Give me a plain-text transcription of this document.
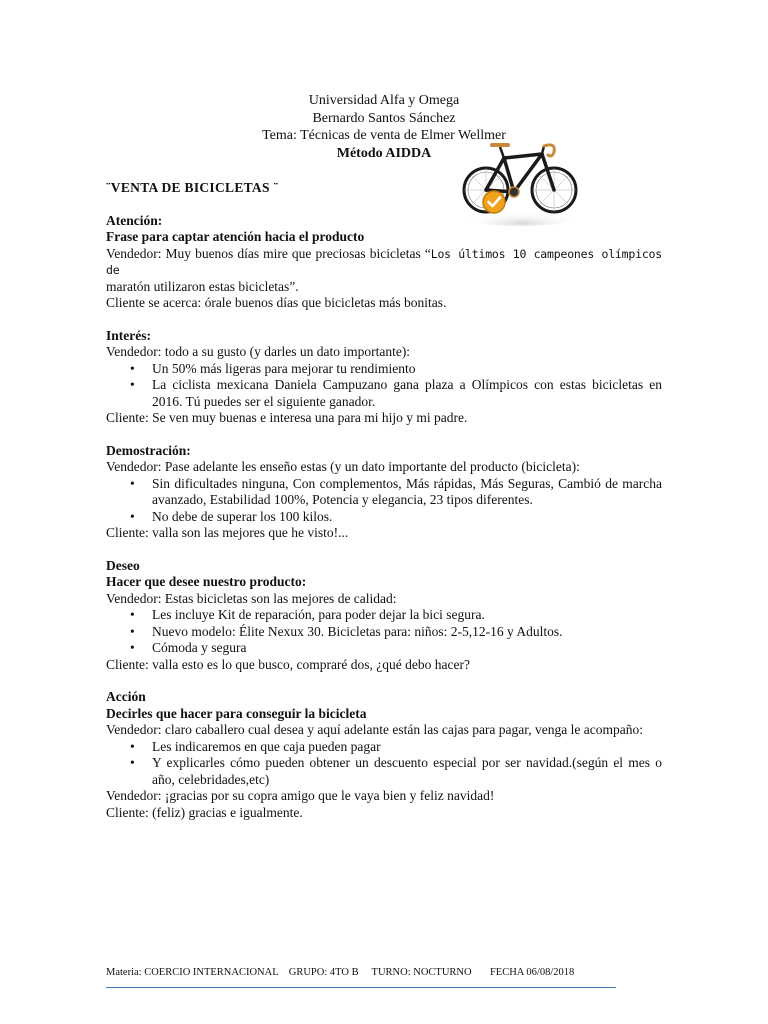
Universidad Alfa y Omega
Bernardo Santos Sánchez
Tema: Técnicas de venta de Elmer Wellmer
Método AIDDA
¨VENTA DE BICICLETAS ¨
Atención:
Frase para captar atención hacia el producto
Vendedor: Muy buenos días mire que preciosas bicicletas “Los últimos 10 campeones olímpicos de
maratón utilizaron estas bicicletas”.
Cliente se acerca: órale buenos días que bicicletas más bonitas.
Interés:
Vendedor: todo a su gusto (y darles un dato importante):
• Un 50% más ligeras para mejorar tu rendimiento
• La ciclista mexicana Daniela Campuzano gana plaza a Olímpicos con estas bicicletas en 2016. Tú puedes ser el siguiente ganador.
Cliente: Se ven muy buenas e interesa una para mi hijo y mi padre.
Demostración:
Vendedor: Pase adelante les enseño estas (y un dato importante del producto (bicicleta):
• Sin dificultades ninguna, Con complementos, Más rápidas, Más Seguras, Cambió de marcha avanzado, Estabilidad 100%, Potencia y elegancia, 23 tipos diferentes.
• No debe de superar los 100 kilos.
Cliente: valla son las mejores que he visto!...
Deseo
Hacer que desee nuestro producto:
Vendedor: Estas bicicletas son las mejores de calidad:
• Les incluye Kit de reparación, para poder dejar la bici segura.
• Nuevo modelo: Élite Nexux 30. Bicicletas para: niños: 2-5,12-16 y Adultos.
• Cómoda y segura
Cliente: valla esto es lo que busco, compraré dos, ¿qué debo hacer?
Acción
Decirles que hacer para conseguir la bicicleta
Vendedor: claro caballero cual desea y aquí adelante están las cajas para pagar, venga le acompaño:
• Les indicaremos en que caja pueden pagar
• Y explicarles cómo pueden obtener un descuento especial por ser navidad.(según el mes o año, celebridades,etc)
Vendedor: ¡gracias por su copra amigo que le vaya bien y feliz navidad!
Cliente: (feliz) gracias e igualmente.
Materia: COERCIO INTERNACIONAL GRUPO: 4TO B TURNO: NOCTURNO FECHA 06/08/2018
